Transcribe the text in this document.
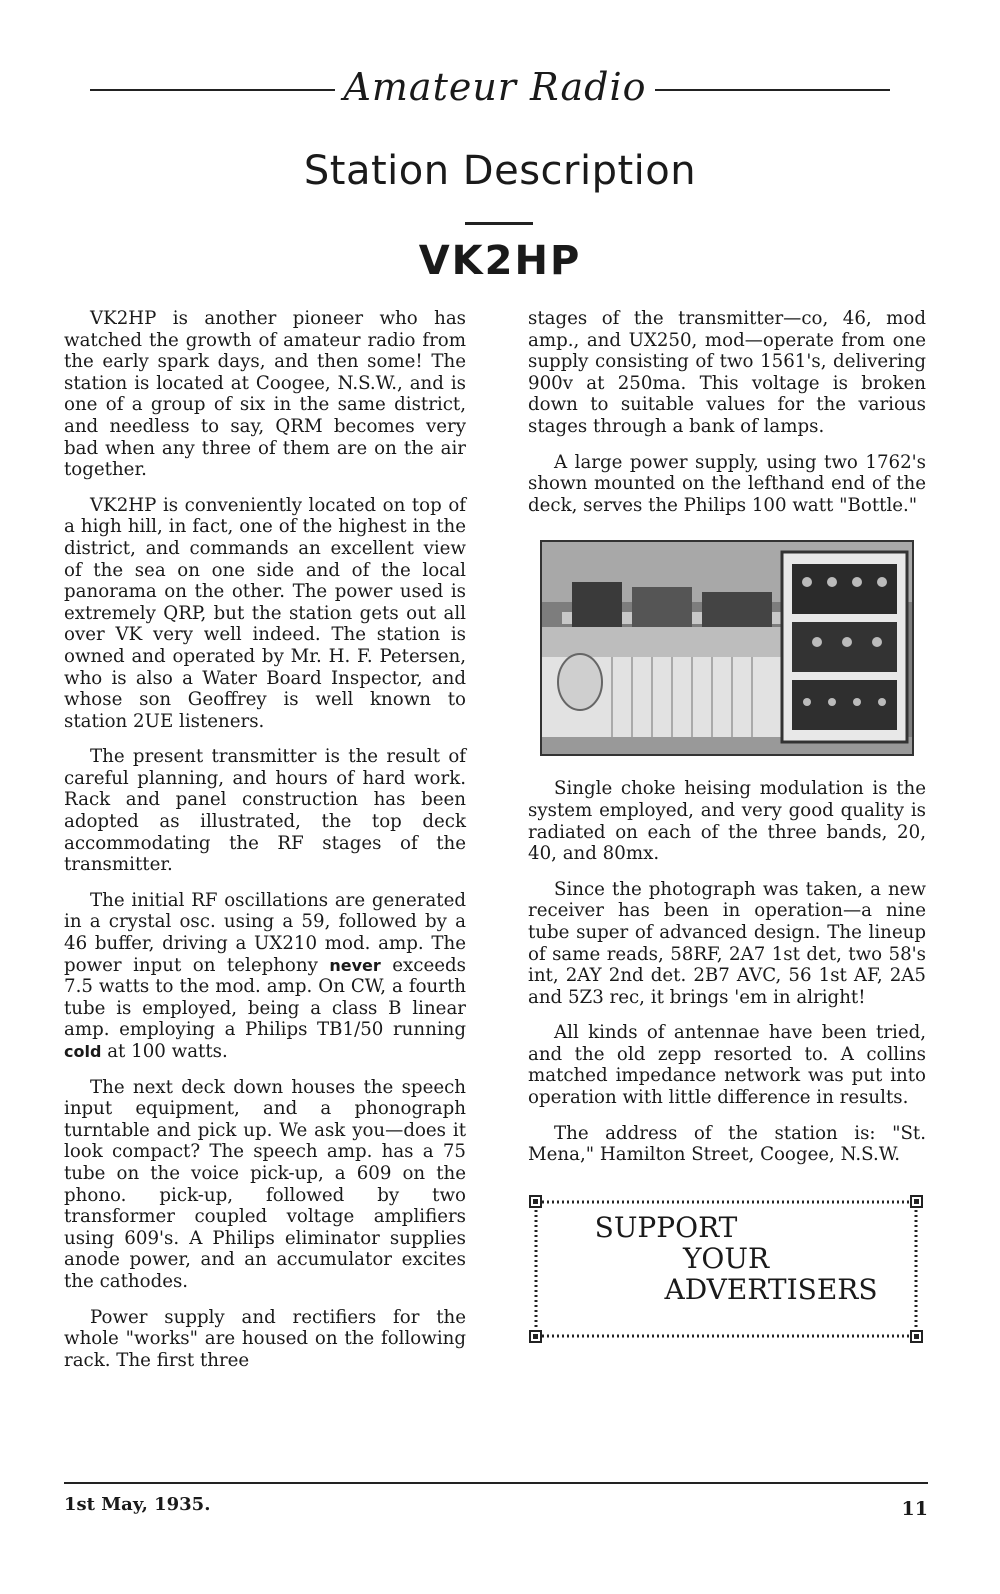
Amateur Radio
Station Description
VK2HP

VK2HP is another pioneer who has watched the growth of amateur radio from the early spark days, and then some! The station is located at Coogee, N.S.W., and is one of a group of six in the same district, and needless to say, QRM becomes very bad when any three of them are on the air together.

VK2HP is conveniently located on top of a high hill, in fact, one of the highest in the district, and commands an excellent view of the sea on one side and of the local panorama on the other. The power used is extremely QRP, but the station gets out all over VK very well indeed. The station is owned and operated by Mr. H. F. Petersen, who is also a Water Board Inspector, and whose son Geoffrey is well known to station 2UE listeners.

The present transmitter is the result of careful planning, and hours of hard work. Rack and panel construction has been adopted as illustrated, the top deck accommodating the RF stages of the transmitter.

The initial RF oscillations are generated in a crystal osc. using a 59, followed by a 46 buffer, driving a UX210 mod. amp. The power input on telephony never exceeds 7.5 watts to the mod. amp. On CW, a fourth tube is employed, being a class B linear amp. employing a Philips TB1/50 running cold at 100 watts.

The next deck down houses the speech input equipment, and a phonograph turntable and pick up. We ask you—does it look compact? The speech amp. has a 75 tube on the voice pick-up, a 609 on the phono. pick-up, followed by two transformer coupled voltage amplifiers using 609's. A Philips eliminator supplies anode power, and an accumulator excites the cathodes.

Power supply and rectifiers for the whole "works" are housed on the following rack. The first three

stages of the transmitter—co, 46, mod amp., and UX250, mod—operate from one supply consisting of two 1561's, delivering 900v at 250ma. This voltage is broken down to suitable values for the various stages through a bank of lamps.

A large power supply, using two 1762's shown mounted on the lefthand end of the deck, serves the Philips 100 watt "Bottle."

Single choke heising modulation is the system employed, and very good quality is radiated on each of the three bands, 20, 40, and 80mx.

Since the photograph was taken, a new receiver has been in operation—a nine tube super of advanced design. The lineup of same reads, 58RF, 2A7 1st det, two 58's int, 2AY 2nd det. 2B7 AVC, 56 1st AF, 2A5 and 5Z3 rec, it brings 'em in alright!

All kinds of antennae have been tried, and the old zepp resorted to. A collins matched impedance network was put into operation with little difference in results.

The address of the station is: "St. Mena," Hamilton Street, Coogee, N.S.W.

SUPPORT
YOUR
ADVERTISERS
1st May, 1935.	11
